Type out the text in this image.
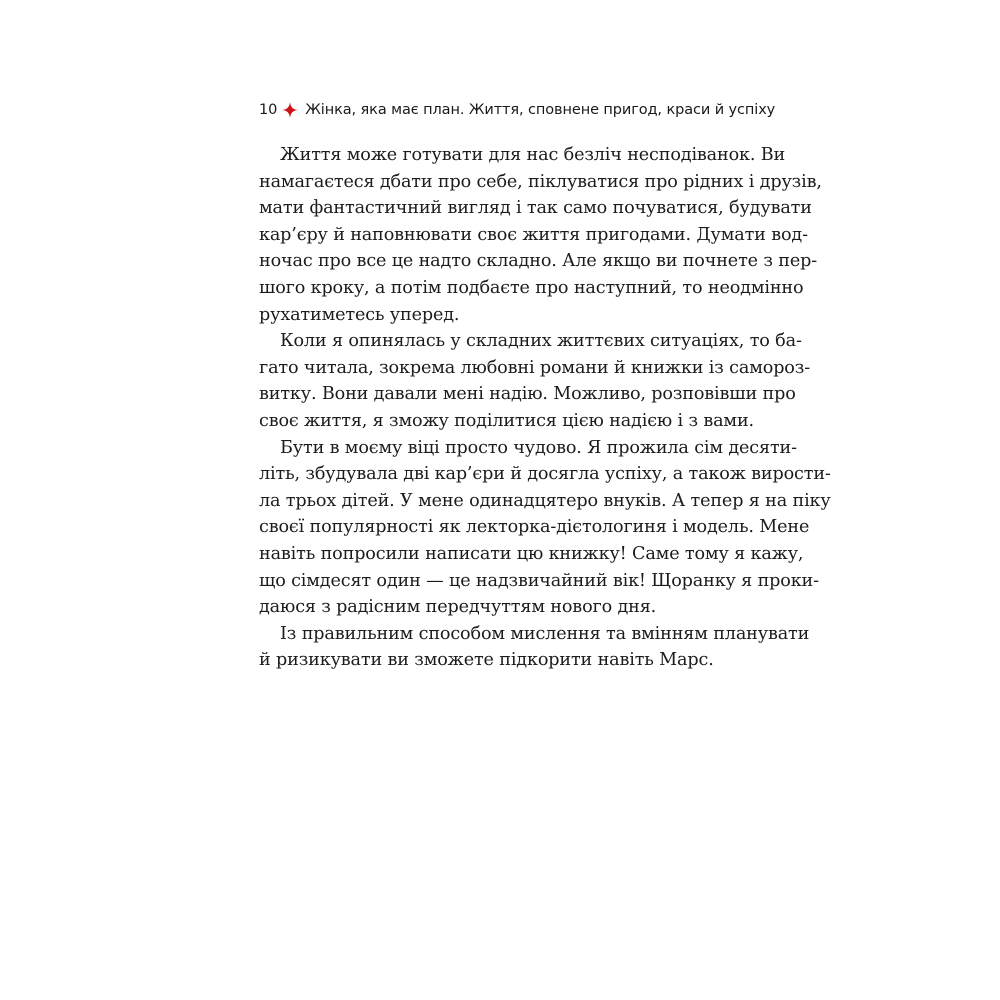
10 Жінка, яка має план. Життя, сповнене пригод, краси й успіху

Життя може готувати для нас безліч несподіванок. Ви
намагаєтеся дбати про себе, піклуватися про рідних і друзів,
мати фантастичний вигляд і так само почуватися, будувати
кар’єру й наповнювати своє життя пригодами. Думати вод-
ночас про все це надто складно. Але якщо ви почнете з пер-
шого кроку, а потім подбаєте про наступний, то неодмінно
рухатиметесь уперед.

Коли я опинялась у складних життєвих ситуаціях, то ба-
гато читала, зокрема любовні романи й книжки із саморoз-
витку. Вони давали мені надію. Можливо, розповівши про
своє життя, я зможу поділитися цією надією і з вами.

Бути в моєму віці просто чудово. Я прожила сім десяти-
літь, збудувала дві кар’єри й досягла успіху, а також вирости-
ла трьох дітей. У мене одинадцятеро внуків. А тепер я на піку
своєї популярності як лекторка-дієтологиня і модель. Мене
навіть попросили написати цю книжку! Саме тому я кажу,
що сімдесят один — це надзвичайний вік! Щоранку я проки-
даюся з радісним передчуттям нового дня.

Із правильним способом мислення та вмінням планувати
й ризикувати ви зможете підкорити навіть Марс.
